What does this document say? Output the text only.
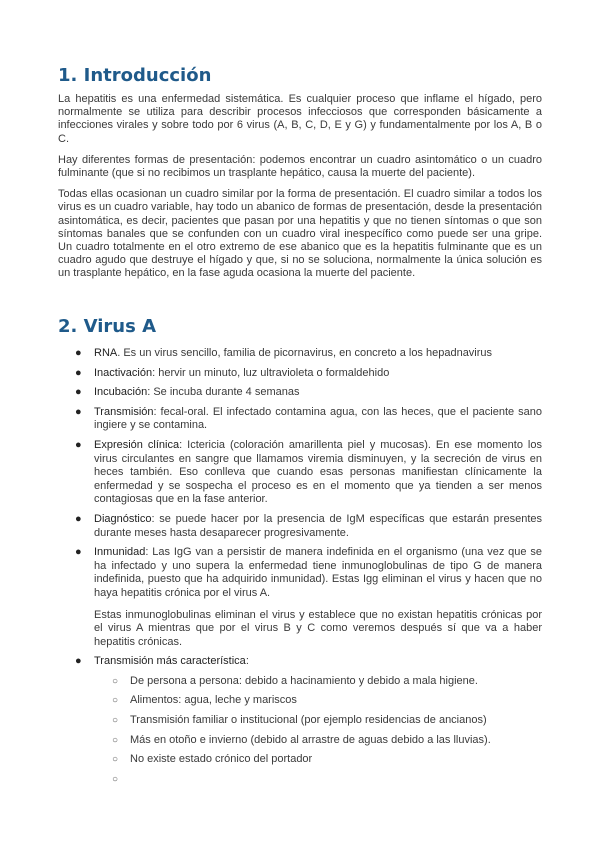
1. Introducción

La hepatitis es una enfermedad sistemática. Es cualquier proceso que inflame el hígado, pero normalmente se utiliza para describir procesos infecciosos que corresponden básicamente a infecciones virales y sobre todo por 6 virus (A, B, C, D, E y G) y fundamentalmente por los A, B o C.

Hay diferentes formas de presentación: podemos encontrar un cuadro asintomático o un cuadro fulminante (que si no recibimos un trasplante hepático, causa la muerte del paciente).

Todas ellas ocasionan un cuadro similar por la forma de presentación. El cuadro similar a todos los virus es un cuadro variable, hay todo un abanico de formas de presentación, desde la presentación asintomática, es decir, pacientes que pasan por una hepatitis y que no tienen síntomas o que son síntomas banales que se confunden con un cuadro viral inespecífico como puede ser una gripe. Un cuadro totalmente en el otro extremo de ese abanico que es la hepatitis fulminante que es un cuadro agudo que destruye el hígado y que, si no se soluciona, normalmente la única solución es un trasplante hepático, en la fase aguda ocasiona la muerte del paciente.

2. Virus A
● RNA. Es un virus sencillo, familia de picornavirus, en concreto a los hepadnavirus
● Inactivación: hervir un minuto, luz ultravioleta o formaldehido
● Incubación: Se incuba durante 4 semanas
● Transmisión: fecal-oral. El infectado contamina agua, con las heces, que el paciente sano ingiere y se contamina.
● Expresión clínica: Ictericia (coloración amarillenta piel y mucosas). En ese momento los virus circulantes en sangre que llamamos viremia disminuyen, y la secreción de virus en heces también. Eso conlleva que cuando esas personas manifiestan clínicamente la enfermedad y se sospecha el proceso es en el momento que ya tienden a ser menos contagiosas que en la fase anterior.
● Diagnóstico: se puede hacer por la presencia de IgM específicas que estarán presentes durante meses hasta desaparecer progresivamente.
● Inmunidad: Las IgG van a persistir de manera indefinida en el organismo (una vez que se ha infectado y uno supera la enfermedad tiene inmunoglobulinas de tipo G de manera indefinida, puesto que ha adquirido inmunidad). Estas Igg eliminan el virus y hacen que no haya hepatitis crónica por el virus A.
Estas inmunoglobulinas eliminan el virus y establece que no existan hepatitis crónicas por el virus A mientras que por el virus B y C como veremos después sí que va a haber hepatitis crónicas.
● Transmisión más característica:
○ De persona a persona: debido a hacinamiento y debido a mala higiene.
○ Alimentos: agua, leche y mariscos
○ Transmisión familiar o institucional (por ejemplo residencias de ancianos)
○ Más en otoño e invierno (debido al arrastre de aguas debido a las lluvias).
○ No existe estado crónico del portador
○
